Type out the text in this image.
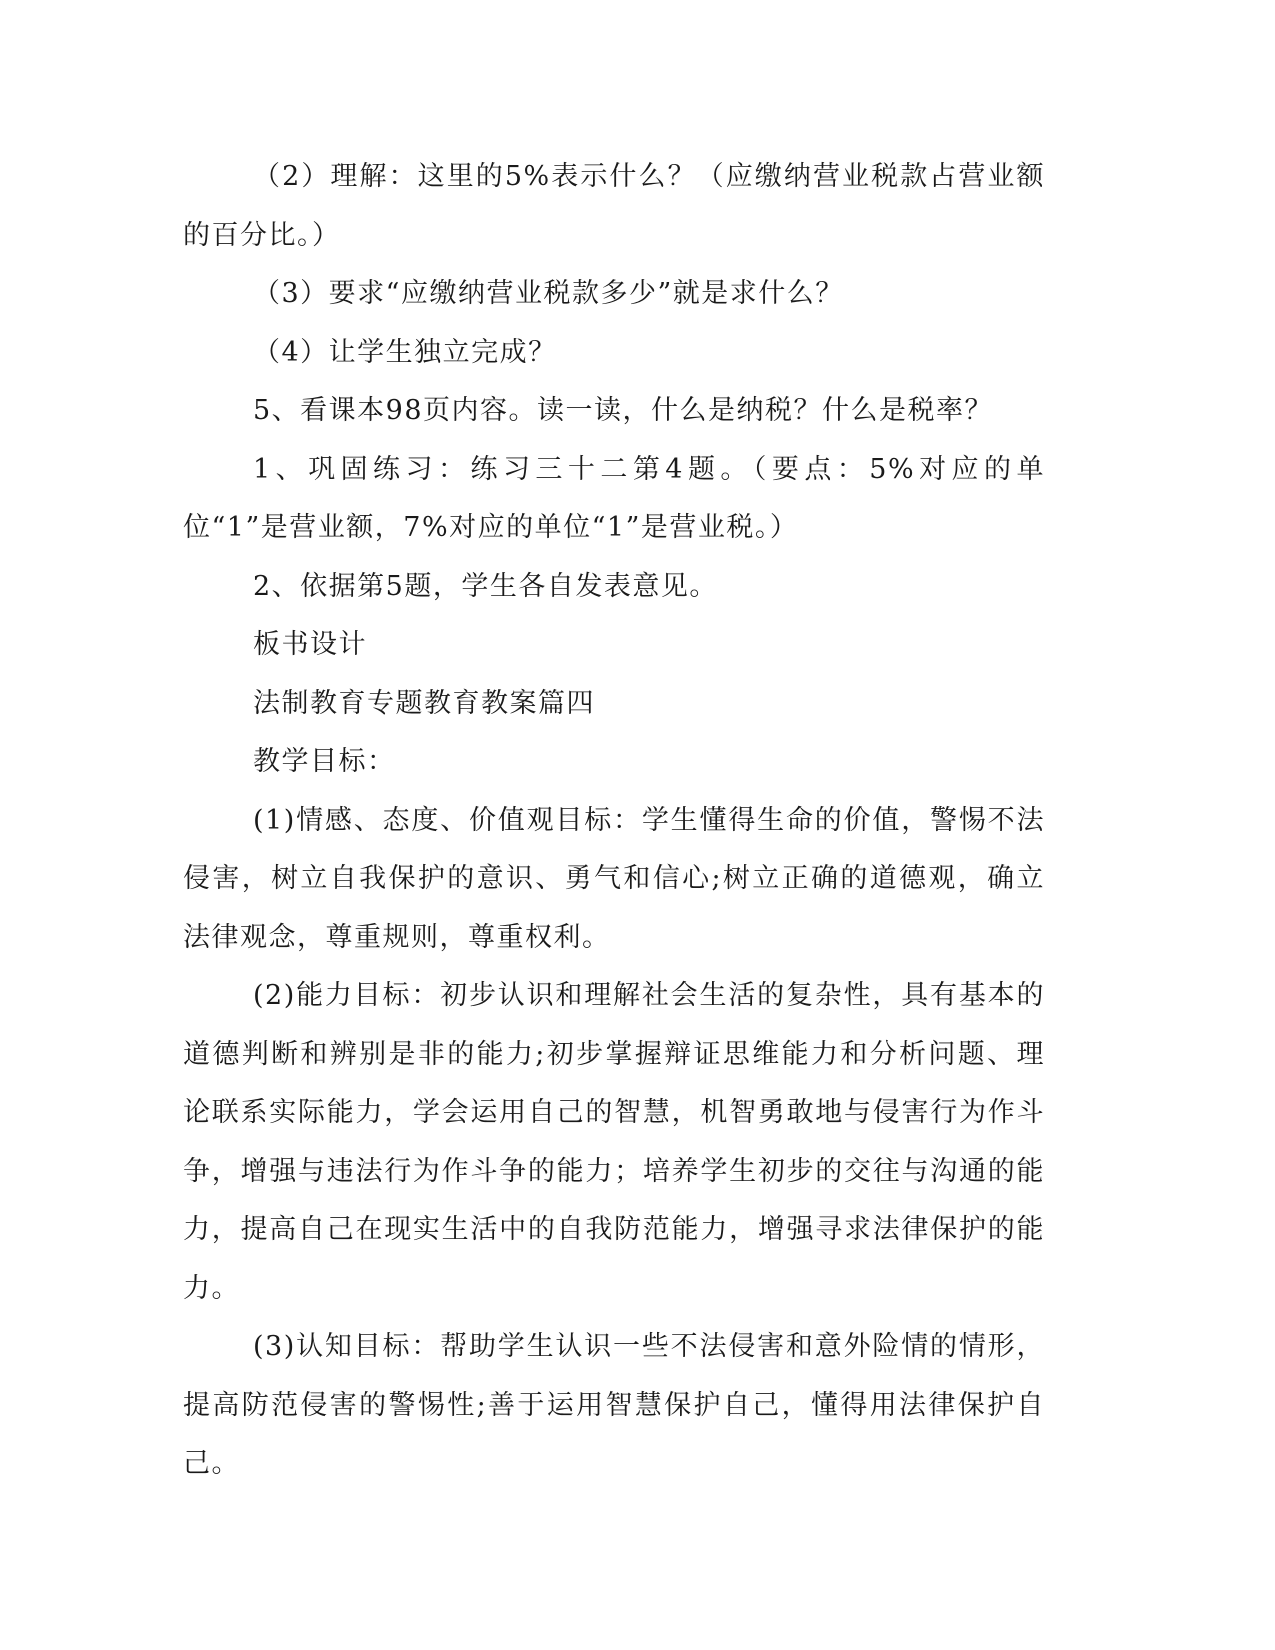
（2）理解：这里的5%表示什么？（应缴纳营业税款占营业额的百分比。）

（3）要求“应缴纳营业税款多少”就是求什么？

（4）让学生独立完成？

5、看课本98页内容。读一读，什么是纳税？什么是税率？

1、巩固练习：练习三十二第4题。（要点：5%对应的单位“1”是营业额，7%对应的单位“1”是营业税。）

2、依据第5题，学生各自发表意见。

板书设计

法制教育专题教育教案篇四

教学目标：

(1)情感、态度、价值观目标：学生懂得生命的价值，警惕不法侵害，树立自我保护的意识、勇气和信心;树立正确的道德观，确立法律观念，尊重规则，尊重权利。

(2)能力目标：初步认识和理解社会生活的复杂性，具有基本的道德判断和辨别是非的能力;初步掌握辩证思维能力和分析问题、理论联系实际能力，学会运用自己的智慧，机智勇敢地与侵害行为作斗争，增强与违法行为作斗争的能力；培养学生初步的交往与沟通的能力，提高自己在现实生活中的自我防范能力，增强寻求法律保护的能力。

(3)认知目标：帮助学生认识一些不法侵害和意外险情的情形，提高防范侵害的警惕性;善于运用智慧保护自己，懂得用法律保护自己。
